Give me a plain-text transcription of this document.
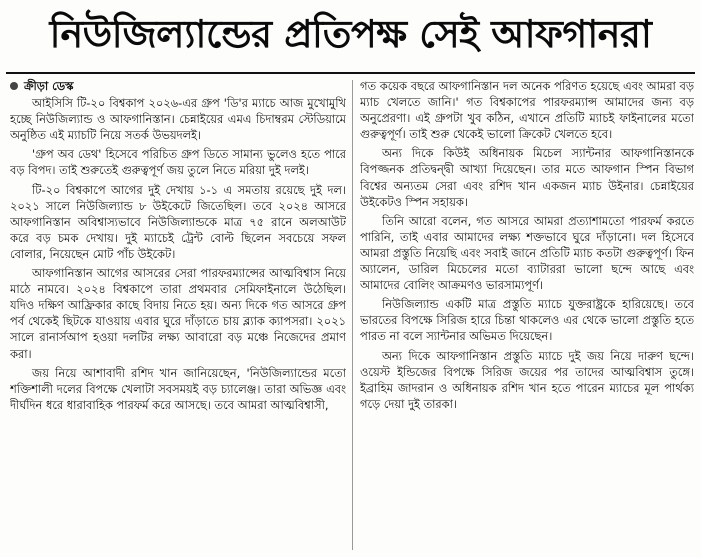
নিউজিল্যান্ডের প্রতিপক্ষ সেই আফগানরা
ক্রীড়া ডেস্ক

আইসিসি টি-২০ বিশ্বকাপ ২০২৬-এর গ্রুপ 'ডি'র ম্যাচে আজ মুখোমুখি হচ্ছে নিউজিল্যান্ড ও আফগানিস্তান। চেন্নাইয়ের এমএ চিদাম্বরম স্টেডিয়ামে অনুষ্ঠিত এই ম্যাচটি নিয়ে সতর্ক উভয়দলই।

'গ্রুপ অব ডেথ' হিসেবে পরিচিত গ্রুপ ডিতে সামান্য ভুলেও হতে পারে বড় বিপদ। তাই শুরুতেই গুরুত্বপূর্ণ জয় তুলে নিতে মরিয়া দুই দলই।

টি-২০ বিশ্বকাপে আগের দুই দেখায় ১-১ এ সমতায় রয়েছে দুই দল। ২০২১ সালে নিউজিল্যান্ড ৮ উইকেটে জিতেছিল। তবে ২০২৪ আসরে আফগানিস্তান অবিশ্বাস্যভাবে নিউজিল্যান্ডকে মাত্র ৭৫ রানে অলআউট করে বড় চমক দেখায়। দুই ম্যাচেই ট্রেন্ট বোল্ট ছিলেন সবচেয়ে সফল বোলার, নিয়েছেন মোট পাঁচ উইকেট।

আফগানিস্তান আগের আসরের সেরা পারফরম্যান্সের আত্মবিশ্বাস নিয়ে মাঠে নামবে। ২০২৪ বিশ্বকাপে তারা প্রথমবার সেমিফাইনালে উঠেছিল। যদিও দক্ষিণ আফ্রিকার কাছে বিদায় নিতে হয়। অন্য দিকে গত আসরে গ্রুপ পর্ব থেকেই ছিটকে যাওয়ায় এবার ঘুরে দাঁড়াতে চায় ব্ল্যাক ক্যাপসরা। ২০২১ সালে রানার্সআপ হওয়া দলটির লক্ষ্য আবারো বড় মঞ্চে নিজেদের প্রমাণ করা।

জয় নিয়ে আশাবাদী রশিদ খান জানিয়েছেন, 'নিউজিল্যান্ডের মতো শক্তিশালী দলের বিপক্ষে খেলাটা সবসময়ই বড় চ্যালেঞ্জ। তারা অভিজ্ঞ এবং দীর্ঘদিন ধরে ধারাবাহিক পারফর্ম করে আসছে। তবে আমরা আত্মবিশ্বাসী,

গত কয়েক বছরে আফগানিস্তান দল অনেক পরিণত হয়েছে এবং আমরা বড় ম্যাচ খেলতে জানি।' গত বিশ্বকাপের পারফরম্যান্স আমাদের জন্য বড় অনুপ্রেরণা। এই গ্রুপটা খুব কঠিন, এখানে প্রতিটি ম্যাচই ফাইনালের মতো গুরুত্বপূর্ণ। তাই শুরু থেকেই ভালো ক্রিকেট খেলতে হবে।

অন্য দিকে কিউই অধিনায়ক মিচেল স্যান্টনার আফগানিস্তানকে বিপজ্জনক প্রতিদ্বন্দ্বী আখ্যা দিয়েছেন। তার মতে আফগান স্পিন বিভাগ বিশ্বের অন্যতম সেরা এবং রশিদ খান একজন ম্যাচ উইনার। চেন্নাইয়ের উইকেটও স্পিন সহায়ক।

তিনি আরো বলেন, গত আসরে আমরা প্রত্যাশামতো পারফর্ম করতে পারিনি, তাই এবার আমাদের লক্ষ্য শক্তভাবে ঘুরে দাঁড়ানো। দল হিসেবে আমরা প্রস্তুতি নিয়েছি এবং সবাই জানে প্রতিটি ম্যাচ কতটা গুরুত্বপূর্ণ। ফিন অ্যালেন, ডারিল মিচেলের মতো ব্যাটাররা ভালো ছন্দে আছে এবং আমাদের বোলিং আক্রমণও ভারসাম্যপূর্ণ।

নিউজিল্যান্ড একটি মাত্র প্রস্তুতি ম্যাচে যুক্তরাষ্ট্রকে হারিয়েছে। তবে ভারতের বিপক্ষে সিরিজ হারে চিন্তা থাকলেও এর থেকে ভালো প্রস্তুতি হতে পারত না বলে স্যান্টনার অভিমত দিয়েছেন।

অন্য দিকে আফগানিস্তান প্রস্তুতি ম্যাচে দুই জয় নিয়ে দারুণ ছন্দে। ওয়েস্ট ইন্ডিজের বিপক্ষে সিরিজ জয়ের পর তাদের আত্মবিশ্বাস তুঙ্গে। ইব্রাহিম জাদরান ও অধিনায়ক রশিদ খান হতে পারেন ম্যাচের মূল পার্থক্য গড়ে দেয়া দুই তারকা।
